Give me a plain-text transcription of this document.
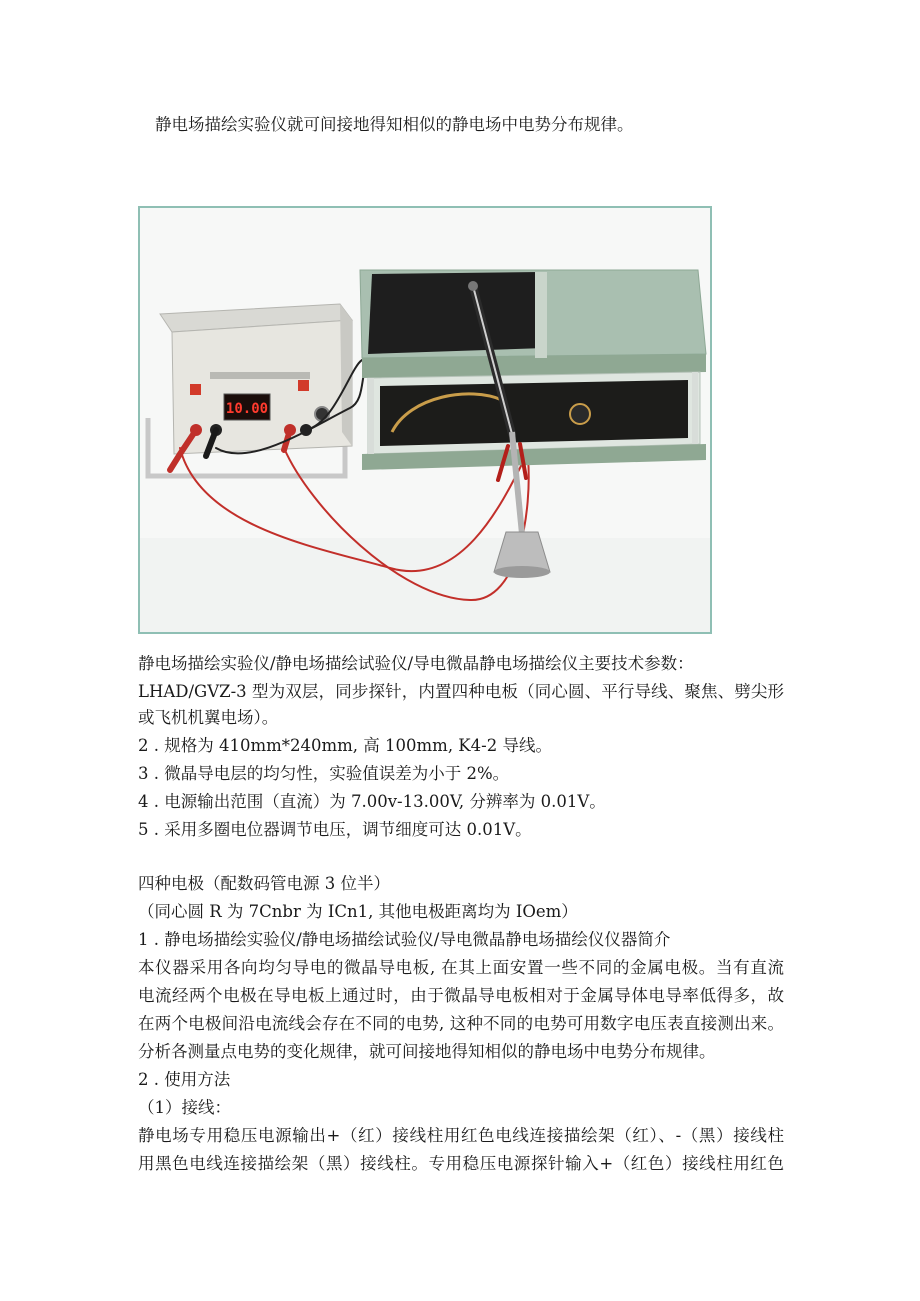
静电场描绘实验仪就可间接地得知相似的静电场中电势分布规律。

10.00

静电场描绘实验仪/静电场描绘试验仪/导电微晶静电场描绘仪主要技术参数：

LHAD/GVZ-3 型为双层，同步探针，内置四种电板（同心圆、平行导线、聚焦、劈尖形

或飞机机翼电场）。

2 . 规格为 410mm*240mm, 高 100mm, K4-2 导线。

3 . 微晶导电层的均匀性，实验值误差为小于 2%。

4 . 电源输出范围（直流）为 7.00v-13.00V, 分辨率为 0.01V。

5 . 采用多圈电位器调节电压，调节细度可达 0.01V。

四种电极（配数码管电源 3 位半）

（同心圆 R 为 7Cnbr 为 ICn1, 其他电极距离均为 IOem）

1 . 静电场描绘实验仪/静电场描绘试验仪/导电微晶静电场描绘仪仪器简介

本仪器采用各向均匀导电的微晶导电板, 在其上面安置一些不同的金属电极。当有直流

电流经两个电极在导电板上通过时，由于微晶导电板相对于金属导体电导率低得多，故

在两个电极间沿电流线会存在不同的电势, 这种不同的电势可用数字电压表直接测出来。

分析各测量点电势的变化规律，就可间接地得知相似的静电场中电势分布规律。

2 . 使用方法

（1）接线：

静电场专用稳压电源输出+（红）接线柱用红色电线连接描绘架（红）、-（黑）接线柱

用黑色电线连接描绘架（黑）接线柱。专用稳压电源探针输入+（红色）接线柱用红色
